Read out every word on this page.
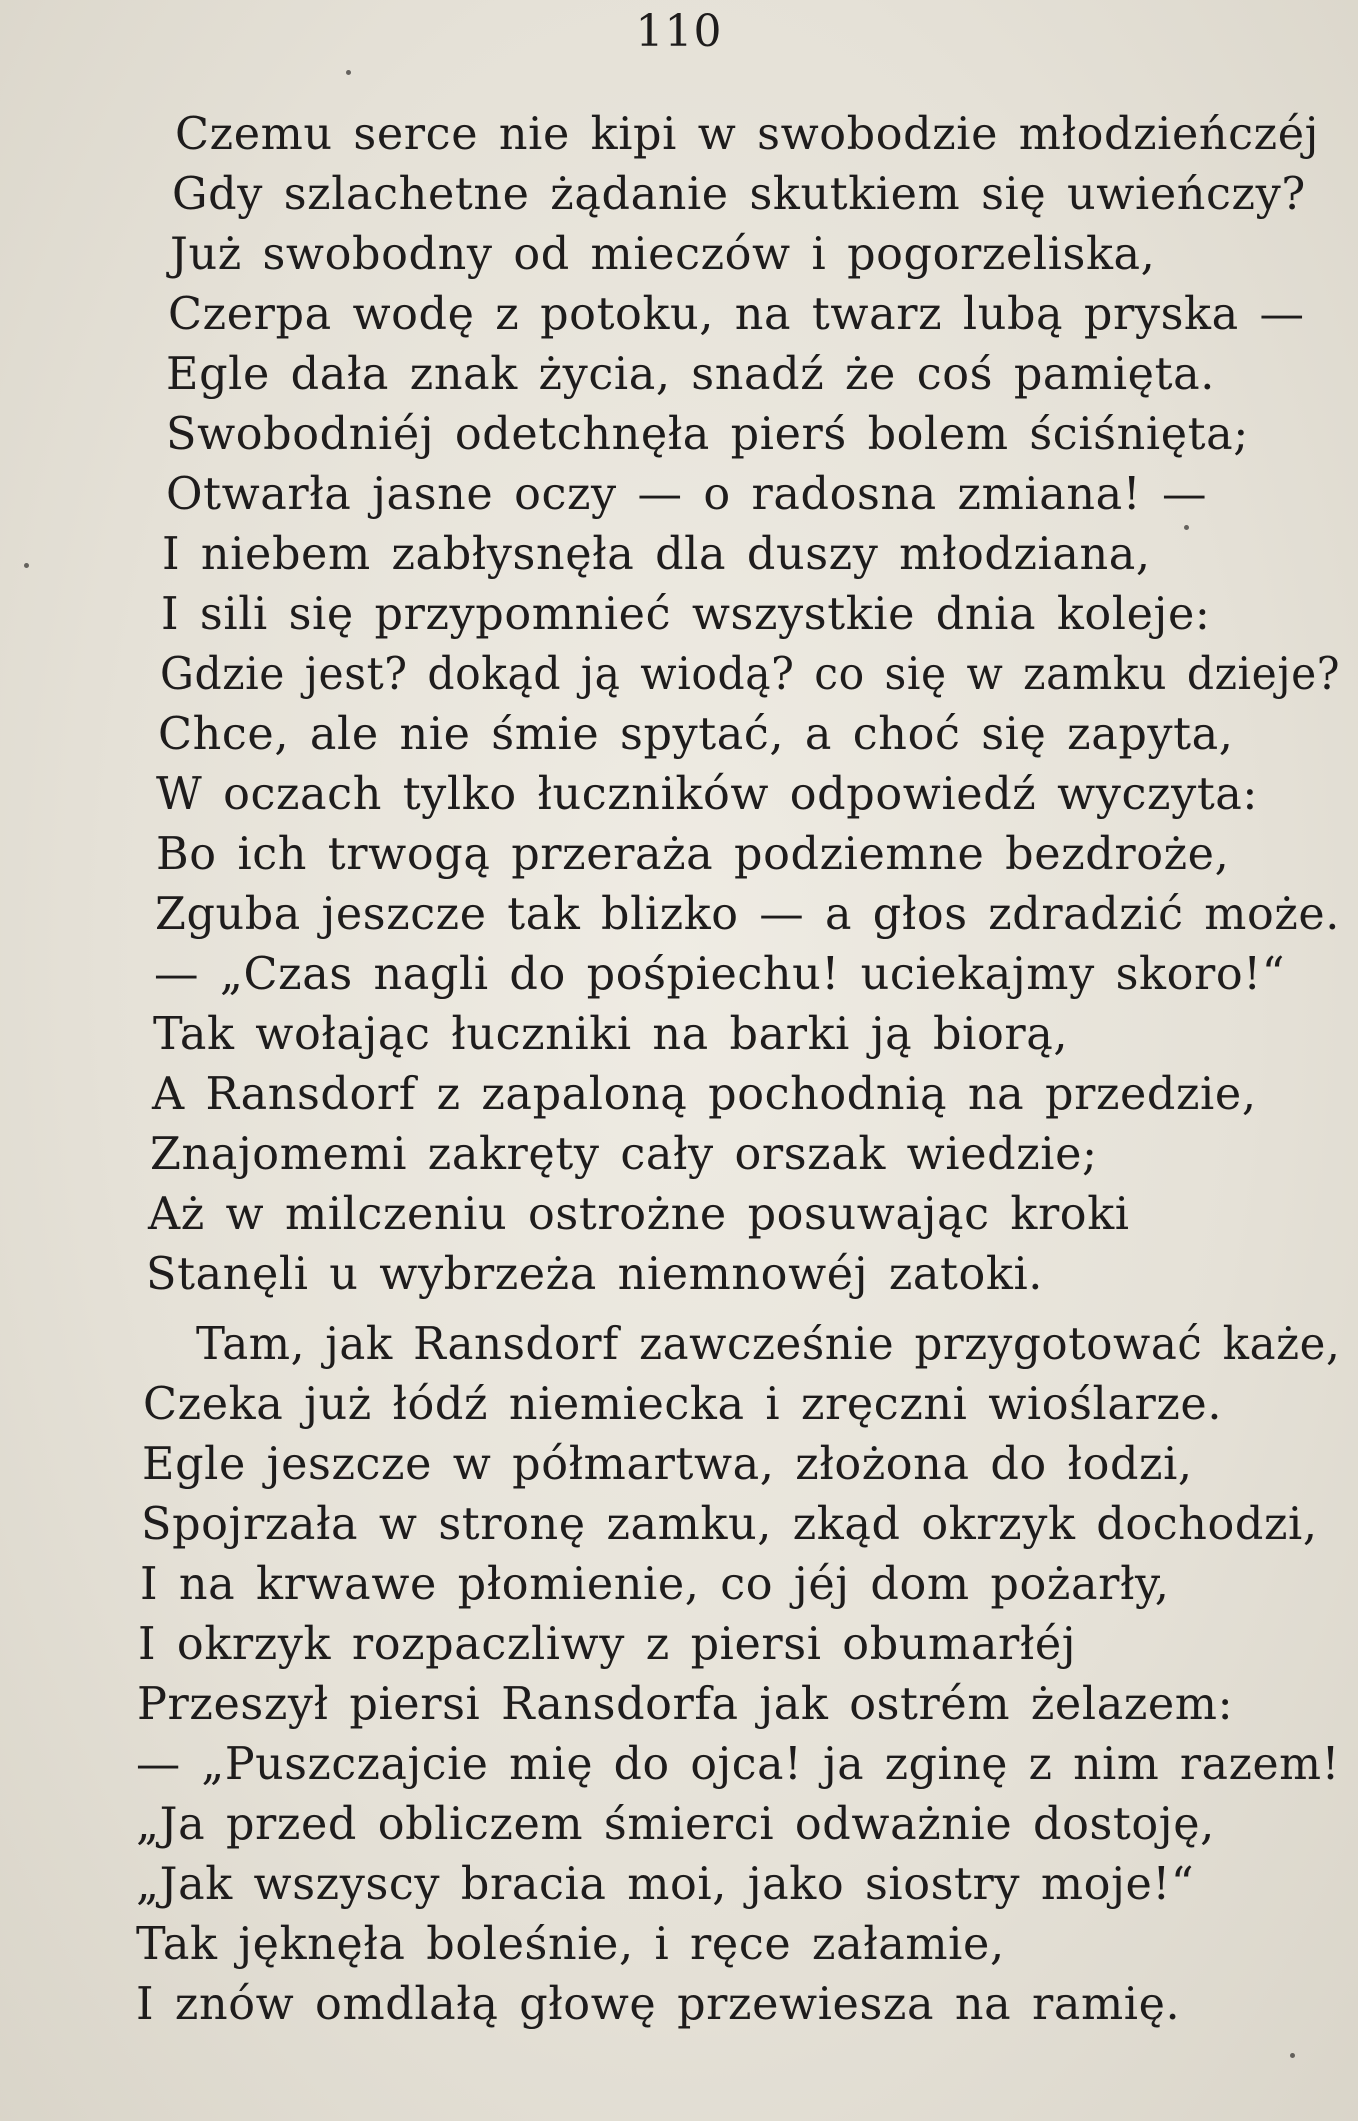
110
Czemu serce nie kipi w swobodzie młodzieńczéj
Gdy szlachetne żądanie skutkiem się uwieńczy?
Już swobodny od mieczów i pogorzeliska,
Czerpa wodę z potoku, na twarz lubą pryska —
Egle dała znak życia, snadź że coś pamięta.
Swobodniéj odetchnęła pierś bolem ściśnięta;
Otwarła jasne oczy — o radosna zmiana! —
I niebem zabłysnęła dla duszy młodziana,
I sili się przypomnieć wszystkie dnia koleje:
Gdzie jest? dokąd ją wiodą? co się w zamku dzieje?
Chce, ale nie śmie spytać, a choć się zapyta,
W oczach tylko łuczników odpowiedź wyczyta:
Bo ich trwogą przeraża podziemne bezdroże,
Zguba jeszcze tak blizko — a głos zdradzić może.
— „Czas nagli do pośpiechu! uciekajmy skoro!“
Tak wołając łuczniki na barki ją biorą,
A Ransdorf z zapaloną pochodnią na przedzie,
Znajomemi zakręty cały orszak wiedzie;
Aż w milczeniu ostrożne posuwając kroki
Stanęli u wybrzeża niemnowéj zatoki.
Tam, jak Ransdorf zawcześnie przygotować każe,
Czeka już łódź niemiecka i zręczni wioślarze.
Egle jeszcze w półmartwa, złożona do łodzi,
Spojrzała w stronę zamku, zkąd okrzyk dochodzi,
I na krwawe płomienie, co jéj dom pożarły,
I okrzyk rozpaczliwy z piersi obumarłéj
Przeszył piersi Ransdorfa jak ostrém żelazem:
— „Puszczajcie mię do ojca! ja zginę z nim razem!
„Ja przed obliczem śmierci odważnie dostoję,
„Jak wszyscy bracia moi, jako siostry moje!“
Tak jęknęła boleśnie, i ręce załamie,
I znów omdlałą głowę przewiesza na ramię.
